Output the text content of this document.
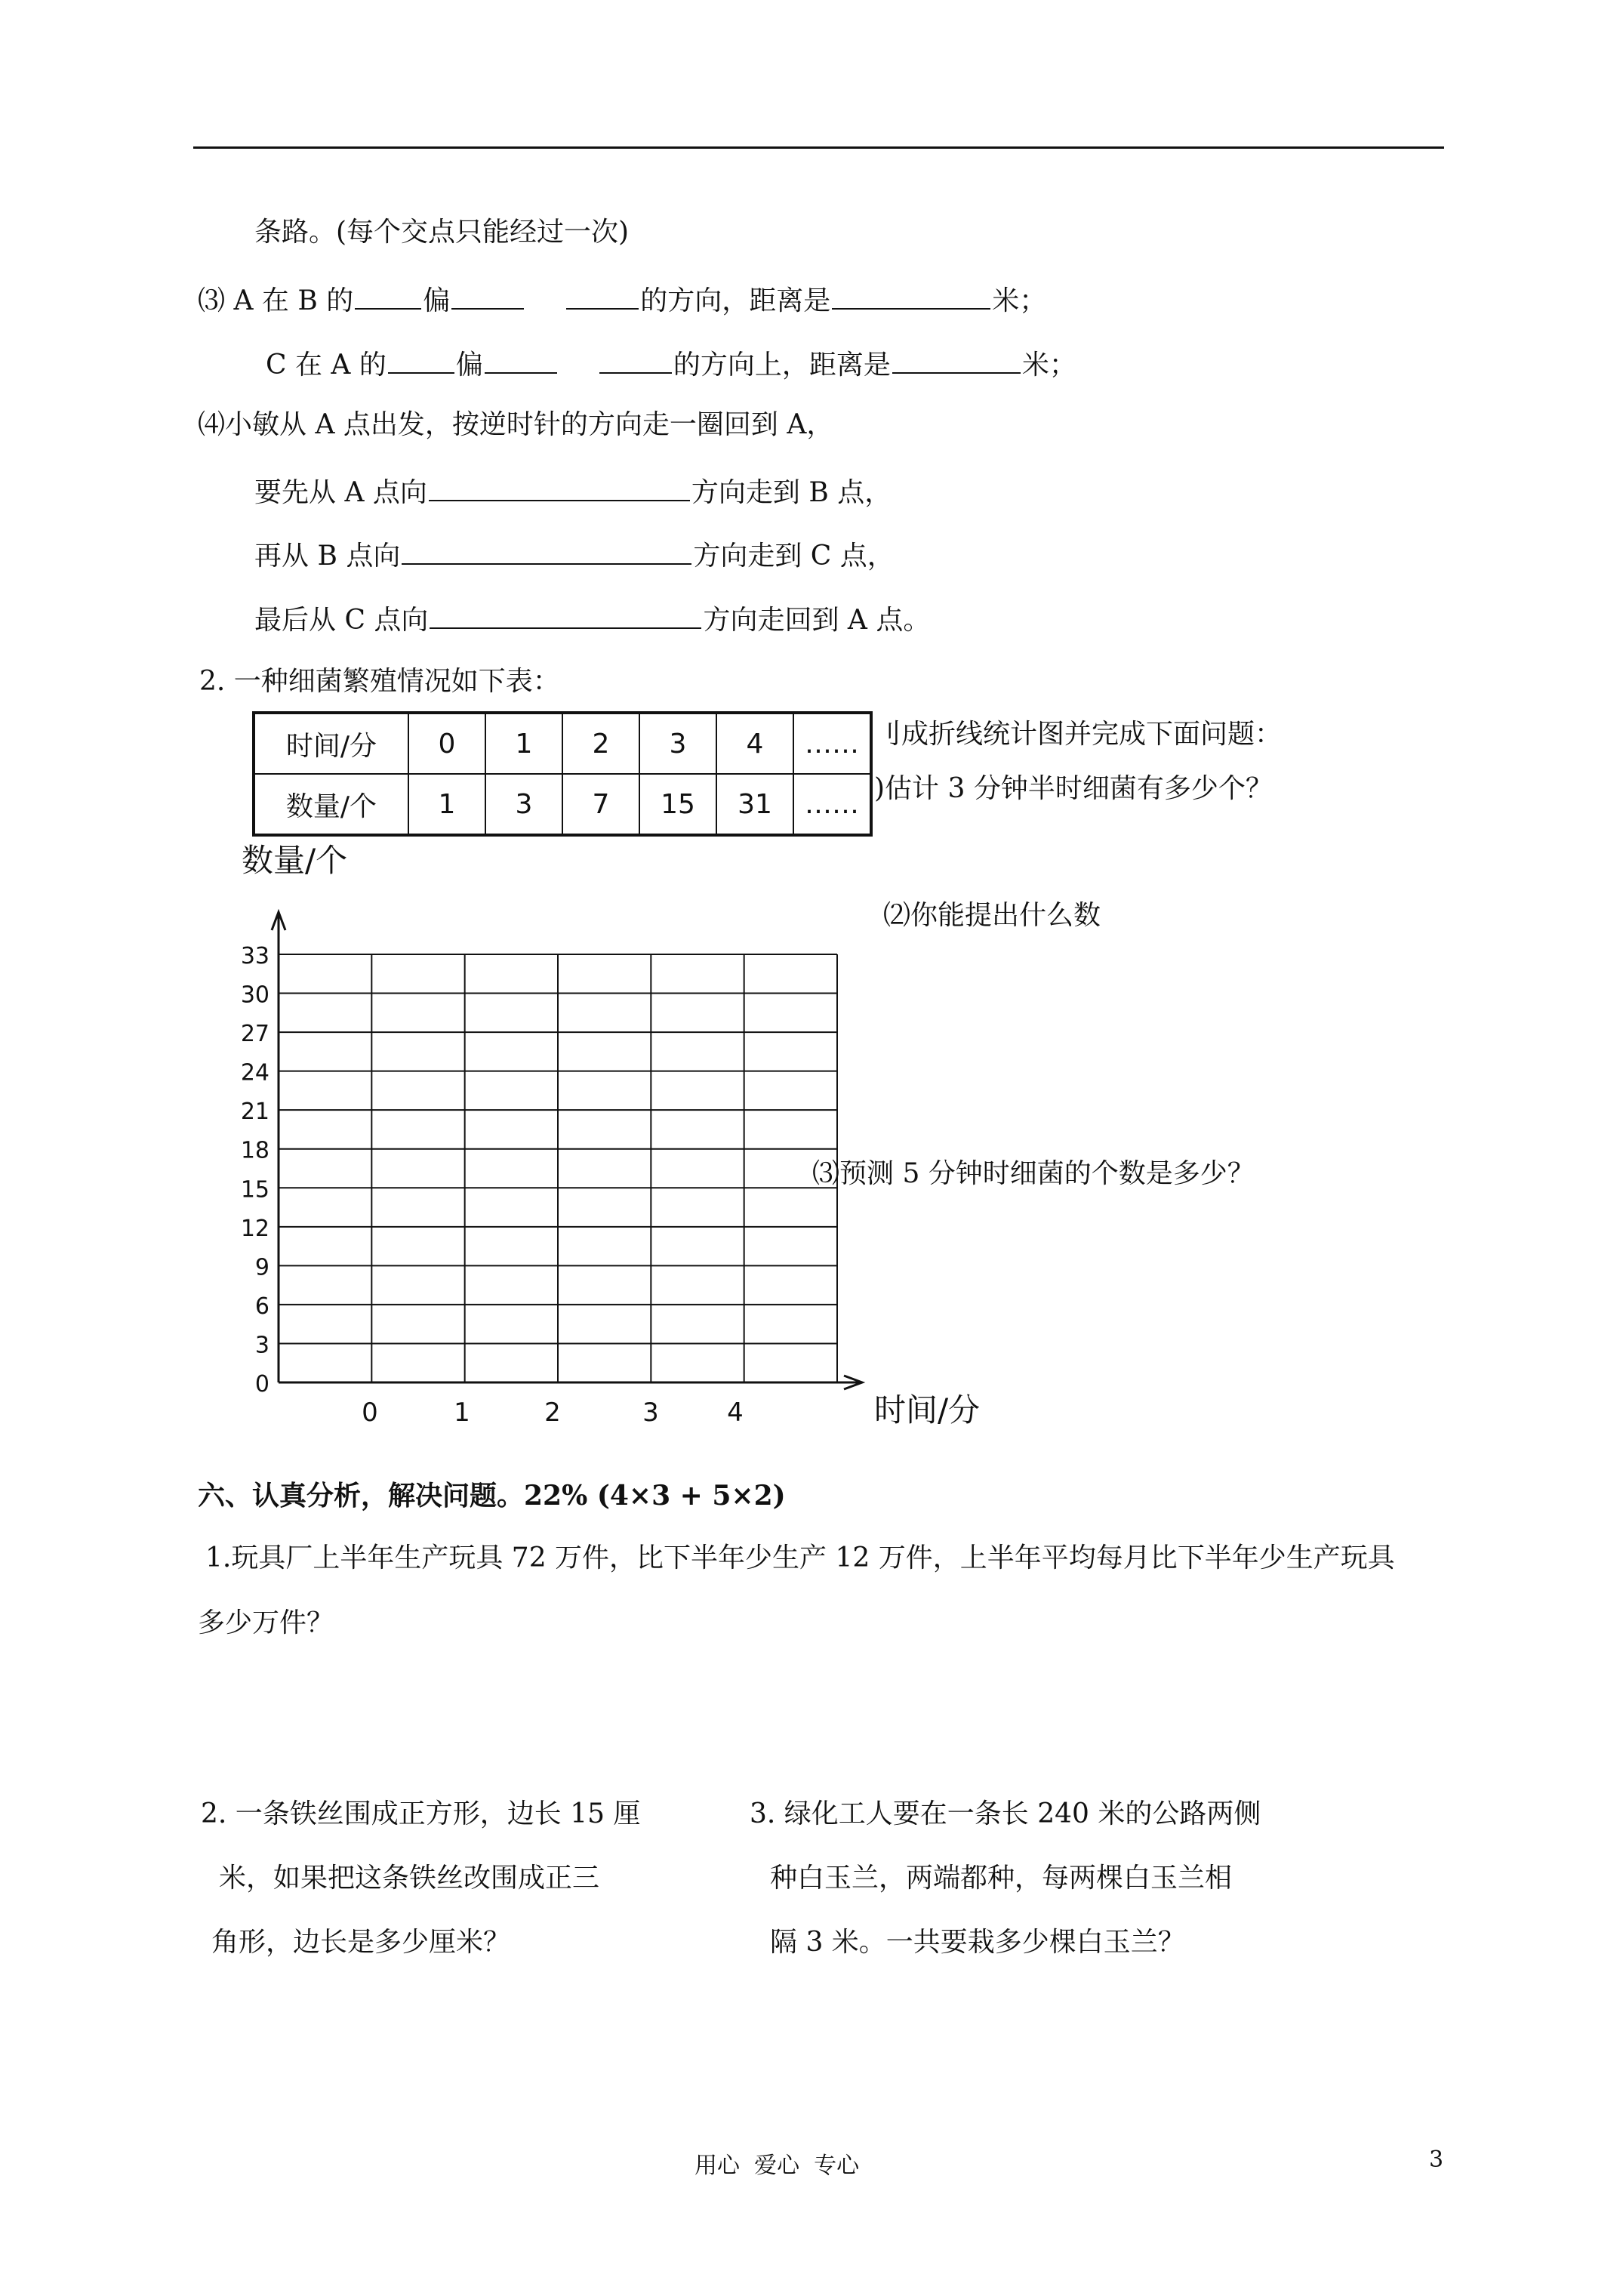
条路。(每个交点只能经过一次)
⑶ A 在 B 的	偏	的方向，距离是	米；
C 在 A 的	偏	的方向上，距离是	米；
⑷小敏从 A 点出发，按逆时针的方向走一圈回到 A，
要先从 A 点向	方向走到 B 点，
再从 B 点向	方向走到 C 点，
最后从 C 点向	方向走回到 A 点。
2. 一种细菌繁殖情况如下表：
时间/分	0	1	2	3	4	……
数量/个	1	3	7	15	31	……
刂成折线统计图并完成下面问题：
)估计 3 分钟半时细菌有多少个？
⑵你能提出什么数
⑶预测 5 分钟时细菌的个数是多少？
0
3
6
9
12
15
18
21
24
27
30
33
0	1	2	3	4
数量/个
时间/分
六、认真分析，解决问题。22% (4×3 + 5×2)
1.玩具厂上半年生产玩具 72 万件，比下半年少生产 12 万件，上半年平均每月比下半年少生产玩具
多少万件？
2. 一条铁丝围成正方形，边长 15 厘
米，如果把这条铁丝改围成正三
角形，边长是多少厘米？
3. 绿化工人要在一条长 240 米的公路两侧
种白玉兰，两端都种，每两棵白玉兰相
隔 3 米。一共要栽多少棵白玉兰？
用心  爱心  专心	3
